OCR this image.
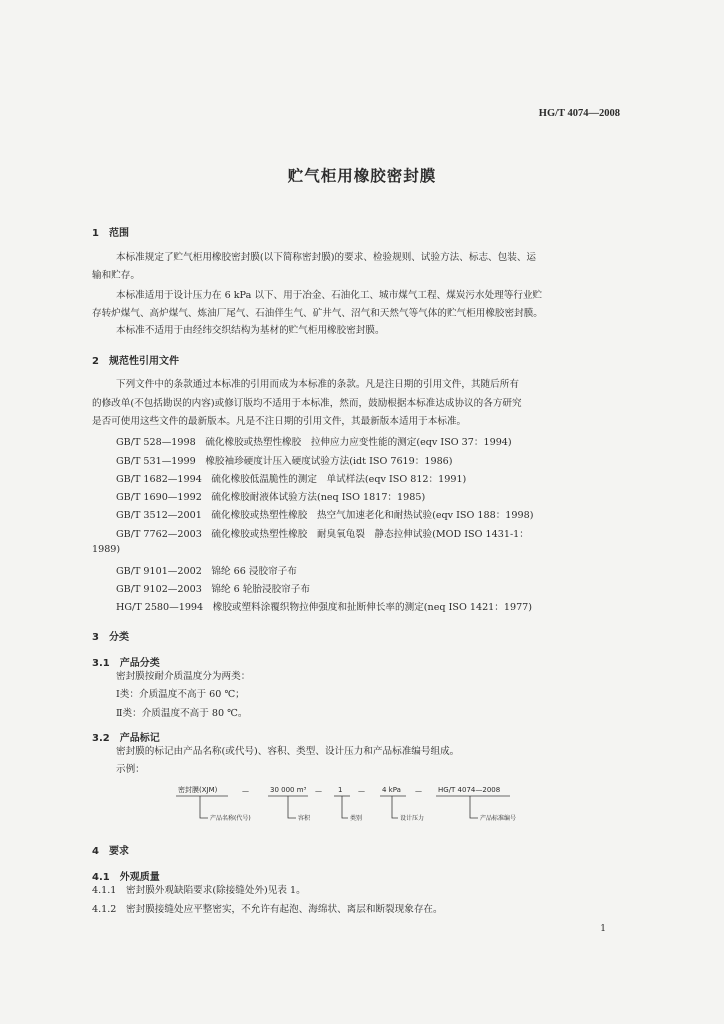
HG/T 4074—2008
贮气柜用橡胶密封膜
1　范围
本标准规定了贮气柜用橡胶密封膜(以下简称密封膜)的要求、检验规则、试验方法、标志、包装、运
输和贮存。
本标准适用于设计压力在 6 kPa 以下、用于冶金、石油化工、城市煤气工程、煤炭污水处理等行业贮
存转炉煤气、高炉煤气、炼油厂尾气、石油伴生气、矿井气、沼气和天然气等气体的贮气柜用橡胶密封膜。
本标准不适用于由经纬交织结构为基材的贮气柜用橡胶密封膜。
2　规范性引用文件
下列文件中的条款通过本标准的引用而成为本标准的条款。凡是注日期的引用文件，其随后所有
的修改单(不包括勘误的内容)或修订版均不适用于本标准，然而，鼓励根据本标准达成协议的各方研究
是否可使用这些文件的最新版本。凡是不注日期的引用文件，其最新版本适用于本标准。
GB/T 528—1998　 硫化橡胶或热塑性橡胶　拉伸应力应变性能的测定(eqv ISO 37：1994)
GB/T 531—1999　 橡胶袖珍硬度计压入硬度试验方法(idt ISO 7619：1986)
GB/T 1682—1994　 硫化橡胶低温脆性的测定　单试样法(eqv ISO 812：1991)
GB/T 1690—1992　 硫化橡胶耐液体试验方法(neq ISO 1817：1985)
GB/T 3512—2001　 硫化橡胶或热塑性橡胶　热空气加速老化和耐热试验(eqv ISO 188：1998)
GB/T 7762—2003　 硫化橡胶或热塑性橡胶　耐臭氧龟裂　静态拉伸试验(MOD ISO 1431-1：
1989)
GB/T 9101—2002　 锦纶 66 浸胶帘子布
GB/T 9102—2003　 锦纶 6 轮胎浸胶帘子布
HG/T 2580—1994　 橡胶或塑料涂覆织物拉伸强度和扯断伸长率的测定(neq ISO 1421：1977)
3　分类
3.1　产品分类
密封膜按耐介质温度分为两类：
Ⅰ类：介质温度不高于 60 ℃；
Ⅱ类：介质温度不高于 80 ℃。
3.2　产品标记
密封膜的标记由产品名称(或代号)、容积、类型、设计压力和产品标准编号组成。
示例：
密封膜(XJM)	—	30 000 m³ — 1 — 4 kPa — HG/T 4074—2008
产品名称(代号)	容积	类别	设计压力	产品标准编号
4　要求
4.1　外观质量
4.1.1　密封膜外观缺陷要求(除接缝处外)见表 1。
4.1.2　密封膜接缝处应平整密实，不允许有起泡、海绵状、离层和断裂现象存在。
1
